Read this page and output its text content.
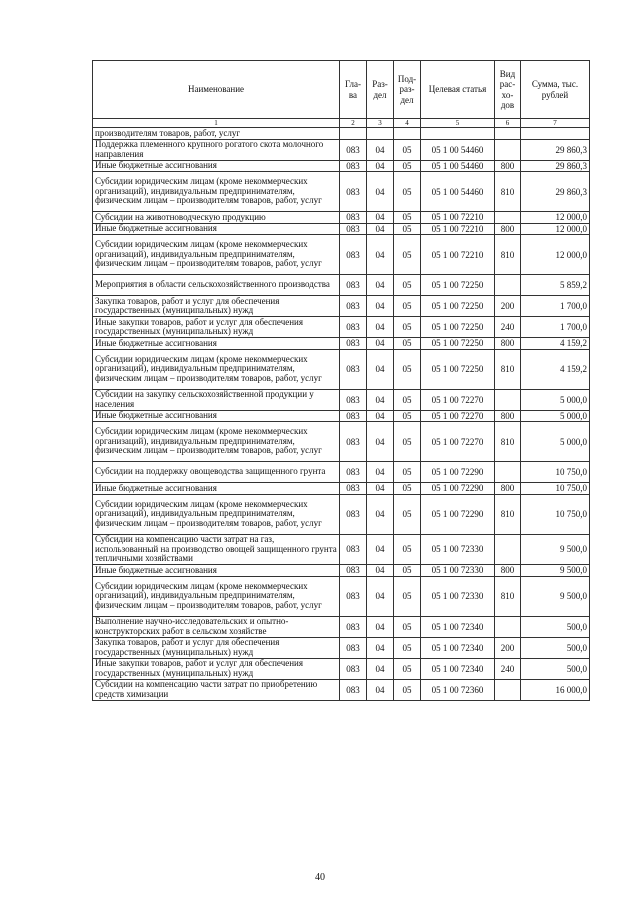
Наименование	Гла-ва	Раз-дел	Под-раз-дел	Целевая статья	Вид рас-хо-дов	Сумма, тыс. рублей
1	2	3	4	5	6	7
производителям товаров, работ, услуг						
Поддержка племенного крупного рогатого скота молочного направления	083	04	05	05 1 00 54460		29 860,3
Иные бюджетные ассигнования	083	04	05	05 1 00 54460	800	29 860,3
Субсидии юридическим лицам (кроме некоммерческих организаций), индивидуальным предпринимателям, физическим лицам – производителям товаров, работ, услуг	083	04	05	05 1 00 54460	810	29 860,3
Субсидии на животноводческую продукцию	083	04	05	05 1 00 72210		12 000,0
Иные бюджетные ассигнования	083	04	05	05 1 00 72210	800	12 000,0
Субсидии юридическим лицам (кроме некоммерческих организаций), индивидуальным предпринимателям, физическим лицам – производителям товаров, работ, услуг	083	04	05	05 1 00 72210	810	12 000,0
Мероприятия в области сельскохозяйственного производства	083	04	05	05 1 00 72250		5 859,2
Закупка товаров, работ и услуг для обеспечения государственных (муниципальных) нужд	083	04	05	05 1 00 72250	200	1 700,0
Иные закупки товаров, работ и услуг для обеспечения государственных (муниципальных) нужд	083	04	05	05 1 00 72250	240	1 700,0
Иные бюджетные ассигнования	083	04	05	05 1 00 72250	800	4 159,2
Субсидии юридическим лицам (кроме некоммерческих организаций), индивидуальным предпринимателям, физическим лицам – производителям товаров, работ, услуг	083	04	05	05 1 00 72250	810	4 159,2
Субсидии на закупку сельскохозяйственной продукции у населения	083	04	05	05 1 00 72270		5 000,0
Иные бюджетные ассигнования	083	04	05	05 1 00 72270	800	5 000,0
Субсидии юридическим лицам (кроме некоммерческих организаций), индивидуальным предпринимателям, физическим лицам – производителям товаров, работ, услуг	083	04	05	05 1 00 72270	810	5 000,0
Субсидии на поддержку овощеводства защищенного грунта	083	04	05	05 1 00 72290		10 750,0
Иные бюджетные ассигнования	083	04	05	05 1 00 72290	800	10 750,0
Субсидии юридическим лицам (кроме некоммерческих организаций), индивидуальным предпринимателям, физическим лицам – производителям товаров, работ, услуг	083	04	05	05 1 00 72290	810	10 750,0
Субсидии на компенсацию части затрат на газ, использованный на производство овощей защищенного грунта тепличными хозяйствами	083	04	05	05 1 00 72330		9 500,0
Иные бюджетные ассигнования	083	04	05	05 1 00 72330	800	9 500,0
Субсидии юридическим лицам (кроме некоммерческих организаций), индивидуальным предпринимателям, физическим лицам – производителям товаров, работ, услуг	083	04	05	05 1 00 72330	810	9 500,0
Выполнение научно-исследовательских и опытно-конструкторских работ в сельском хозяйстве	083	04	05	05 1 00 72340		500,0
Закупка товаров, работ и услуг для обеспечения государственных (муниципальных) нужд	083	04	05	05 1 00 72340	200	500,0
Иные закупки товаров, работ и услуг для обеспечения государственных (муниципальных) нужд	083	04	05	05 1 00 72340	240	500,0
Субсидии на компенсацию части затрат по приобретению средств химизации	083	04	05	05 1 00 72360		16 000,0
40
